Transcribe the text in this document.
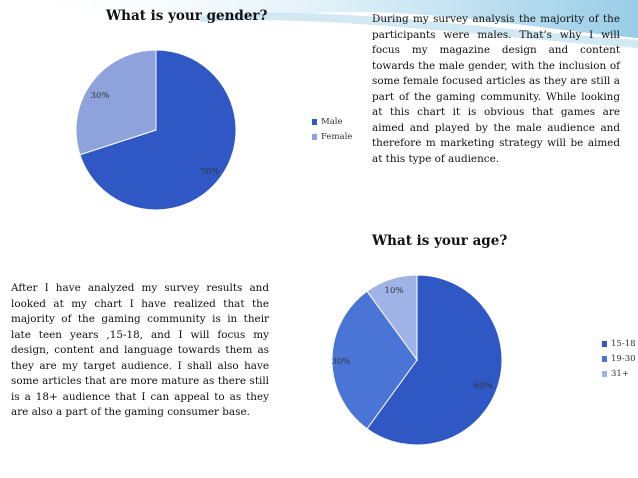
What is your gender?
70%
30%
Male
Female
During my survey analysis the majority of the participants were males. That’s why I will focus my magazine design and content towards the male gender, with the inclusion of some female focused articles as they are still a part of the gaming community. While looking at this chart it is obvious that games are aimed and played by the male audience and therefore m marketing strategy will be aimed at this type of audience.
What is your age?
60%
30%
10%
15-18
19-30
31+
After I have analyzed my survey results and looked at my chart I have realized that the majority of the gaming community is in their late teen years ,15-18, and I will focus my design, content and language towards them as they are my target audience. I shall also have some articles that are more mature as there still is a 18+ audience that I can appeal to as they are also a part of the gaming consumer base.
